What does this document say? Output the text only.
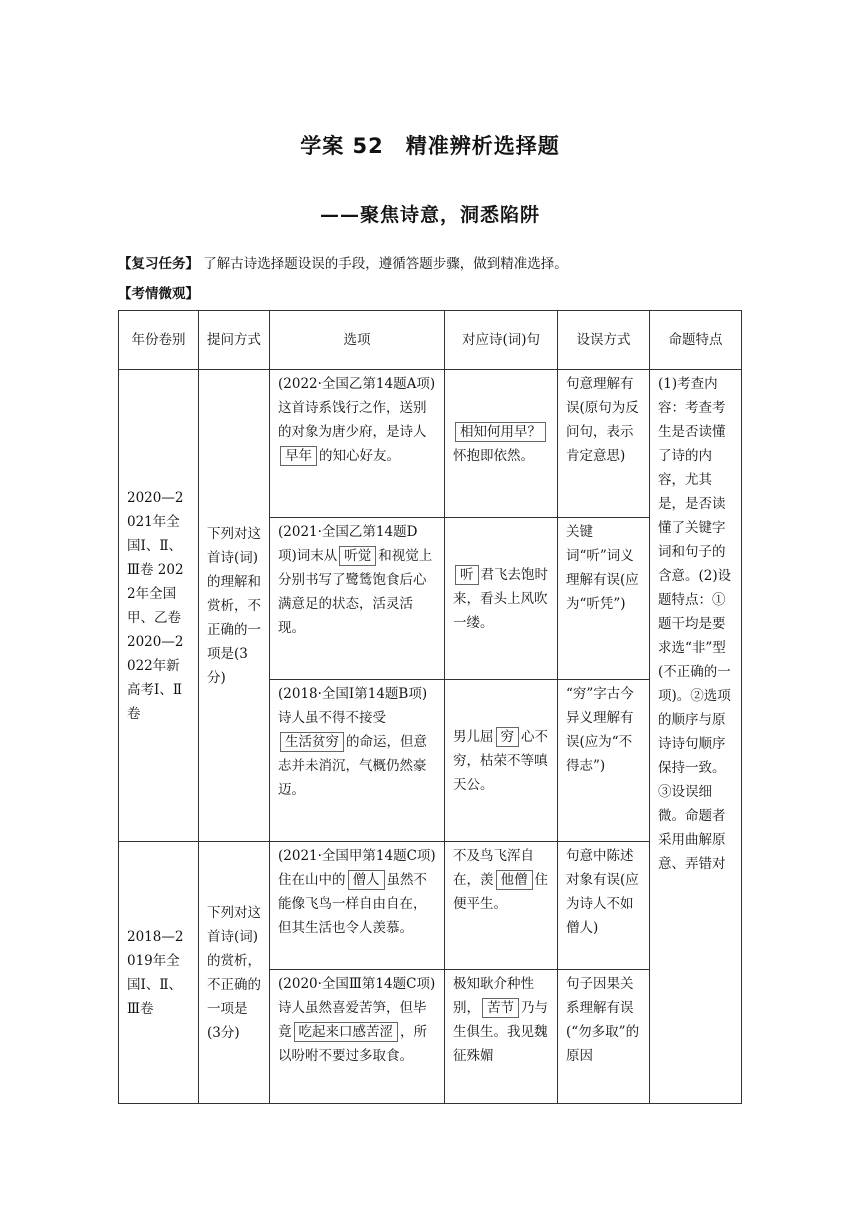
学案 52　精准辨析选择题
——聚焦诗意，洞悉陷阱
【复习任务】 了解古诗选择题设误的手段，遵循答题步骤，做到精准选择。
【考情微观】
年份卷别	提问方式	选项	对应诗(词)句	设误方式	命题特点
2020—2021年全国Ⅰ、Ⅱ、Ⅲ卷 2022年全国甲、乙卷 2020—2022年新高考Ⅰ、Ⅱ卷	下列对这首诗(词)的理解和赏析，不正确的一项是(3分)	(2022·全国乙第14题A项)这首诗系饯行之作，送别的对象为唐少府，是诗人早年 的知心好友。	相知何用早？怀抱即依然。	句意理解有误(原句为反问句，表示肯定意思)	(1)考查内容：考查考生是否读懂了诗的内容，尤其是，是否读懂了关键字词和句子的含意。(2)设题特点：①题干均是要求选“非”型(不正确的一项)。②选项的顺序与原诗诗句顺序保持一致。③设误细微。命题者采用曲解原意、弄错对
		(2021·全国乙第14题D项)词末从 听觉 和视觉上分别书写了鹭鸶饱食后心满意足的状态，活灵活现。	听 君飞去饱时来，看头上风吹一缕。	关键词“听”词义理解有误(应为“听凭”)	
		(2018·全国Ⅰ第14题B项)诗人虽不得不接受生活贫穷 的命运，但意志并未消沉，气概仍然豪迈。	男儿屈 穷 心不穷，枯荣不等嗔天公。	“穷”字古今异义理解有误(应为“不得志”)	
2018—2019年全国Ⅰ、Ⅱ、Ⅲ卷	下列对这首诗(词)的赏析，不正确的一项是(3分)	(2021·全国甲第14题C项)住在山中的 僧人 虽然不能像飞鸟一样自由自在，但其生活也令人羡慕。	不及鸟飞浑自在，羡 他僧 住便平生。	句意中陈述对象有误(应为诗人不如僧人)	
		(2020·全国Ⅲ第14题C项)诗人虽然喜爱苦笋，但毕竟 吃起来口感苦涩 ，所以吩咐不要过多取食。	极知耿介种性别， 苦节 乃与生俱生。我见魏征殊媚	句子因果关系理解有误(“勿多取”的原因	
